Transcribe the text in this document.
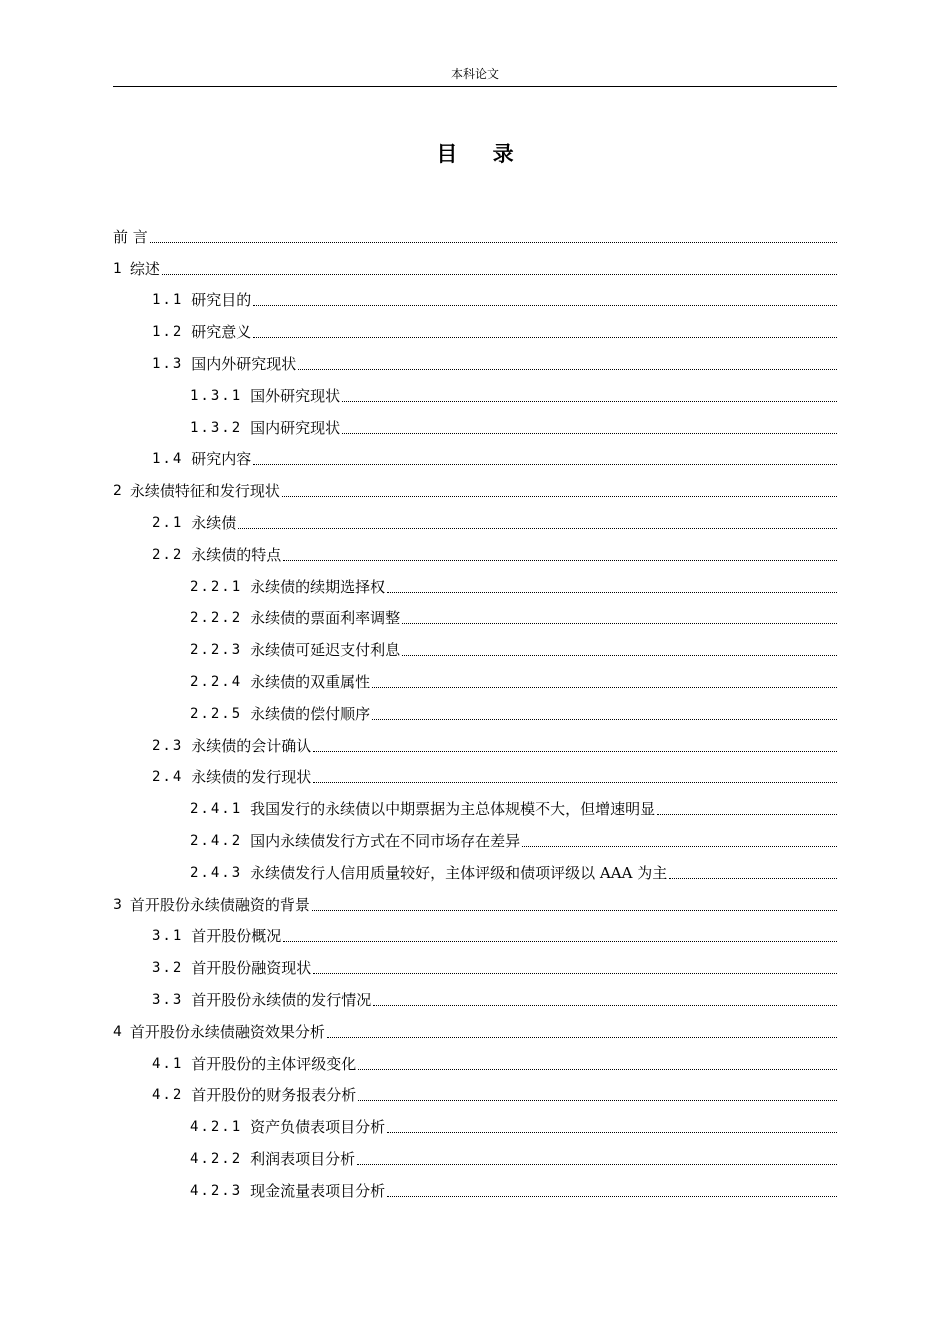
本科论文
目 录
前 言
1 综述
1.1 研究目的
1.2 研究意义
1.3 国内外研究现状
1.3.1 国外研究现状
1.3.2 国内研究现状
1.4 研究内容
2 永续债特征和发行现状
2.1 永续债
2.2 永续债的特点
2.2.1 永续债的续期选择权
2.2.2 永续债的票面利率调整
2.2.3 永续债可延迟支付利息
2.2.4 永续债的双重属性
2.2.5 永续债的偿付顺序
2.3 永续债的会计确认
2.4 永续债的发行现状
2.4.1 我国发行的永续债以中期票据为主总体规模不大，但增速明显
2.4.2 国内永续债发行方式在不同市场存在差异
2.4.3 永续债发行人信用质量较好，主体评级和债项评级以 AAA 为主
3 首开股份永续债融资的背景
3.1 首开股份概况
3.2 首开股份融资现状
3.3 首开股份永续债的发行情况
4 首开股份永续债融资效果分析
4.1 首开股份的主体评级变化
4.2 首开股份的财务报表分析
4.2.1 资产负债表项目分析
4.2.2 利润表项目分析
4.2.3 现金流量表项目分析
